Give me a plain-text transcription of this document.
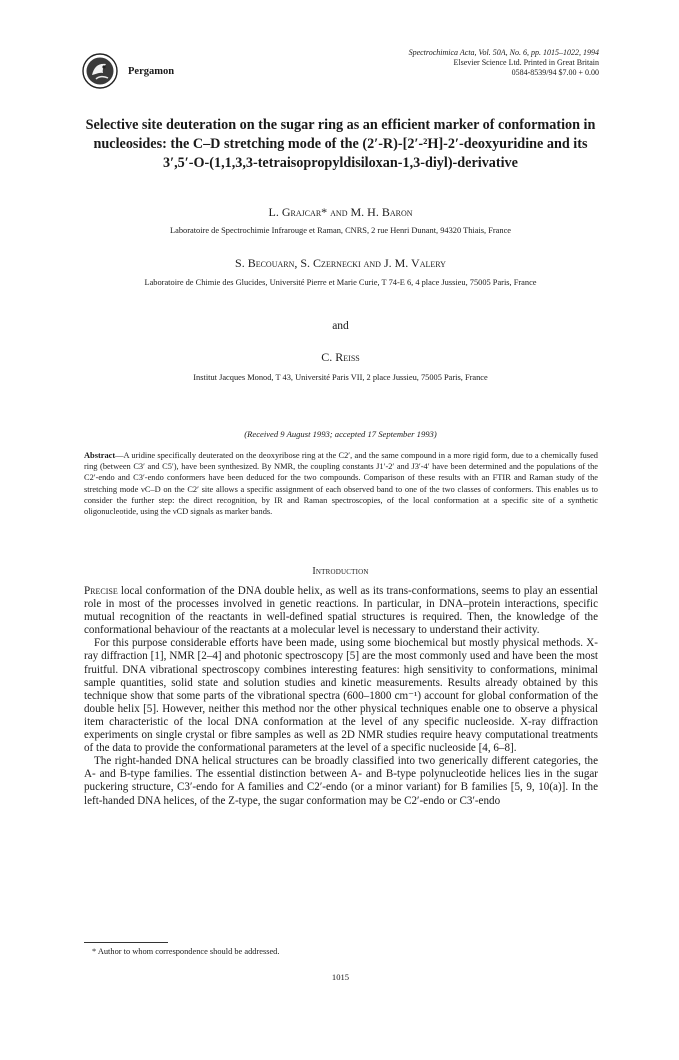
Pergamon
Spectrochimica Acta, Vol. 50A, No. 6, pp. 1015–1022, 1994
Elsevier Science Ltd. Printed in Great Britain
0584-8539/94 $7.00 + 0.00
Selective site deuteration on the sugar ring as an efficient marker of conformation in nucleosides: the C–D stretching mode of the (2′-R)-[2′-²H]-2′-deoxyuridine and its 3′,5′-O-(1,1,3,3-tetraisopropyldisiloxan-1,3-diyl)-derivative
L. Grajcar* and M. H. Baron
Laboratoire de Spectrochimie Infrarouge et Raman, CNRS, 2 rue Henri Dunant, 94320 Thiais, France
S. Becouarn, S. Czernecki and J. M. Valery
Laboratoire de Chimie des Glucides, Université Pierre et Marie Curie, T 74-E 6, 4 place Jussieu, 75005 Paris, France
and
C. Reiss
Institut Jacques Monod, T 43, Université Paris VII, 2 place Jussieu, 75005 Paris, France
(Received 9 August 1993; accepted 17 September 1993)

Abstract—A uridine specifically deuterated on the deoxyribose ring at the C2′, and the same compound in a more rigid form, due to a chemically fused ring (between C3′ and C5′), have been synthesized. By NMR, the coupling constants J1′-2′ and J3′-4′ have been determined and the populations of the C2′-endo and C3′-endo conformers have been deduced for the two compounds. Comparison of these results with an FTIR and Raman study of the stretching mode νC–D on the C2′ site allows a specific assignment of each observed band to one of the two classes of conformers. This enables us to consider the further step: the direct recognition, by IR and Raman spectroscopies, of the local conformation at a specific site of a synthetic oligonucleotide, using the νCD signals as marker bands.

Introduction

Precise local conformation of the DNA double helix, as well as its trans-conformations, seems to play an essential role in most of the processes involved in genetic reactions. In particular, in DNA–protein interactions, specific mutual recognition of the reactants in well-defined spatial structures is required. Then, the knowledge of the conformational behaviour of the reactants at a molecular level is necessary to understand their activity.

For this purpose considerable efforts have been made, using some biochemical but mostly physical methods. X-ray diffraction [1], NMR [2–4] and photonic spectroscopy [5] are the most commonly used and have been the most fruitful. DNA vibrational spectroscopy combines interesting features: high sensitivity to conformations, minimal sample quantities, solid state and solution studies and kinetic measurements. Results already obtained by this technique show that some parts of the vibrational spectra (600–1800 cm⁻¹) account for global conformation of the double helix [5]. However, neither this method nor the other physical techniques enable one to observe a physical item characteristic of the local DNA conformation at the level of any specific nucleoside. X-ray diffraction experiments on single crystal or fibre samples as well as 2D NMR studies require heavy computational treatments of the data to provide the conformational parameters at the level of a specific nucleoside [4, 6–8].

The right-handed DNA helical structures can be broadly classified into two generically different categories, the A- and B-type families. The essential distinction between A- and B-type polynucleotide helices lies in the sugar puckering structure, C3′-endo for A families and C2′-endo (or a minor variant) for B families [5, 9, 10(a)]. In the left-handed DNA helices, of the Z-type, the sugar conformation may be C2′-endo or C3′-endo

* Author to whom correspondence should be addressed.
1015
